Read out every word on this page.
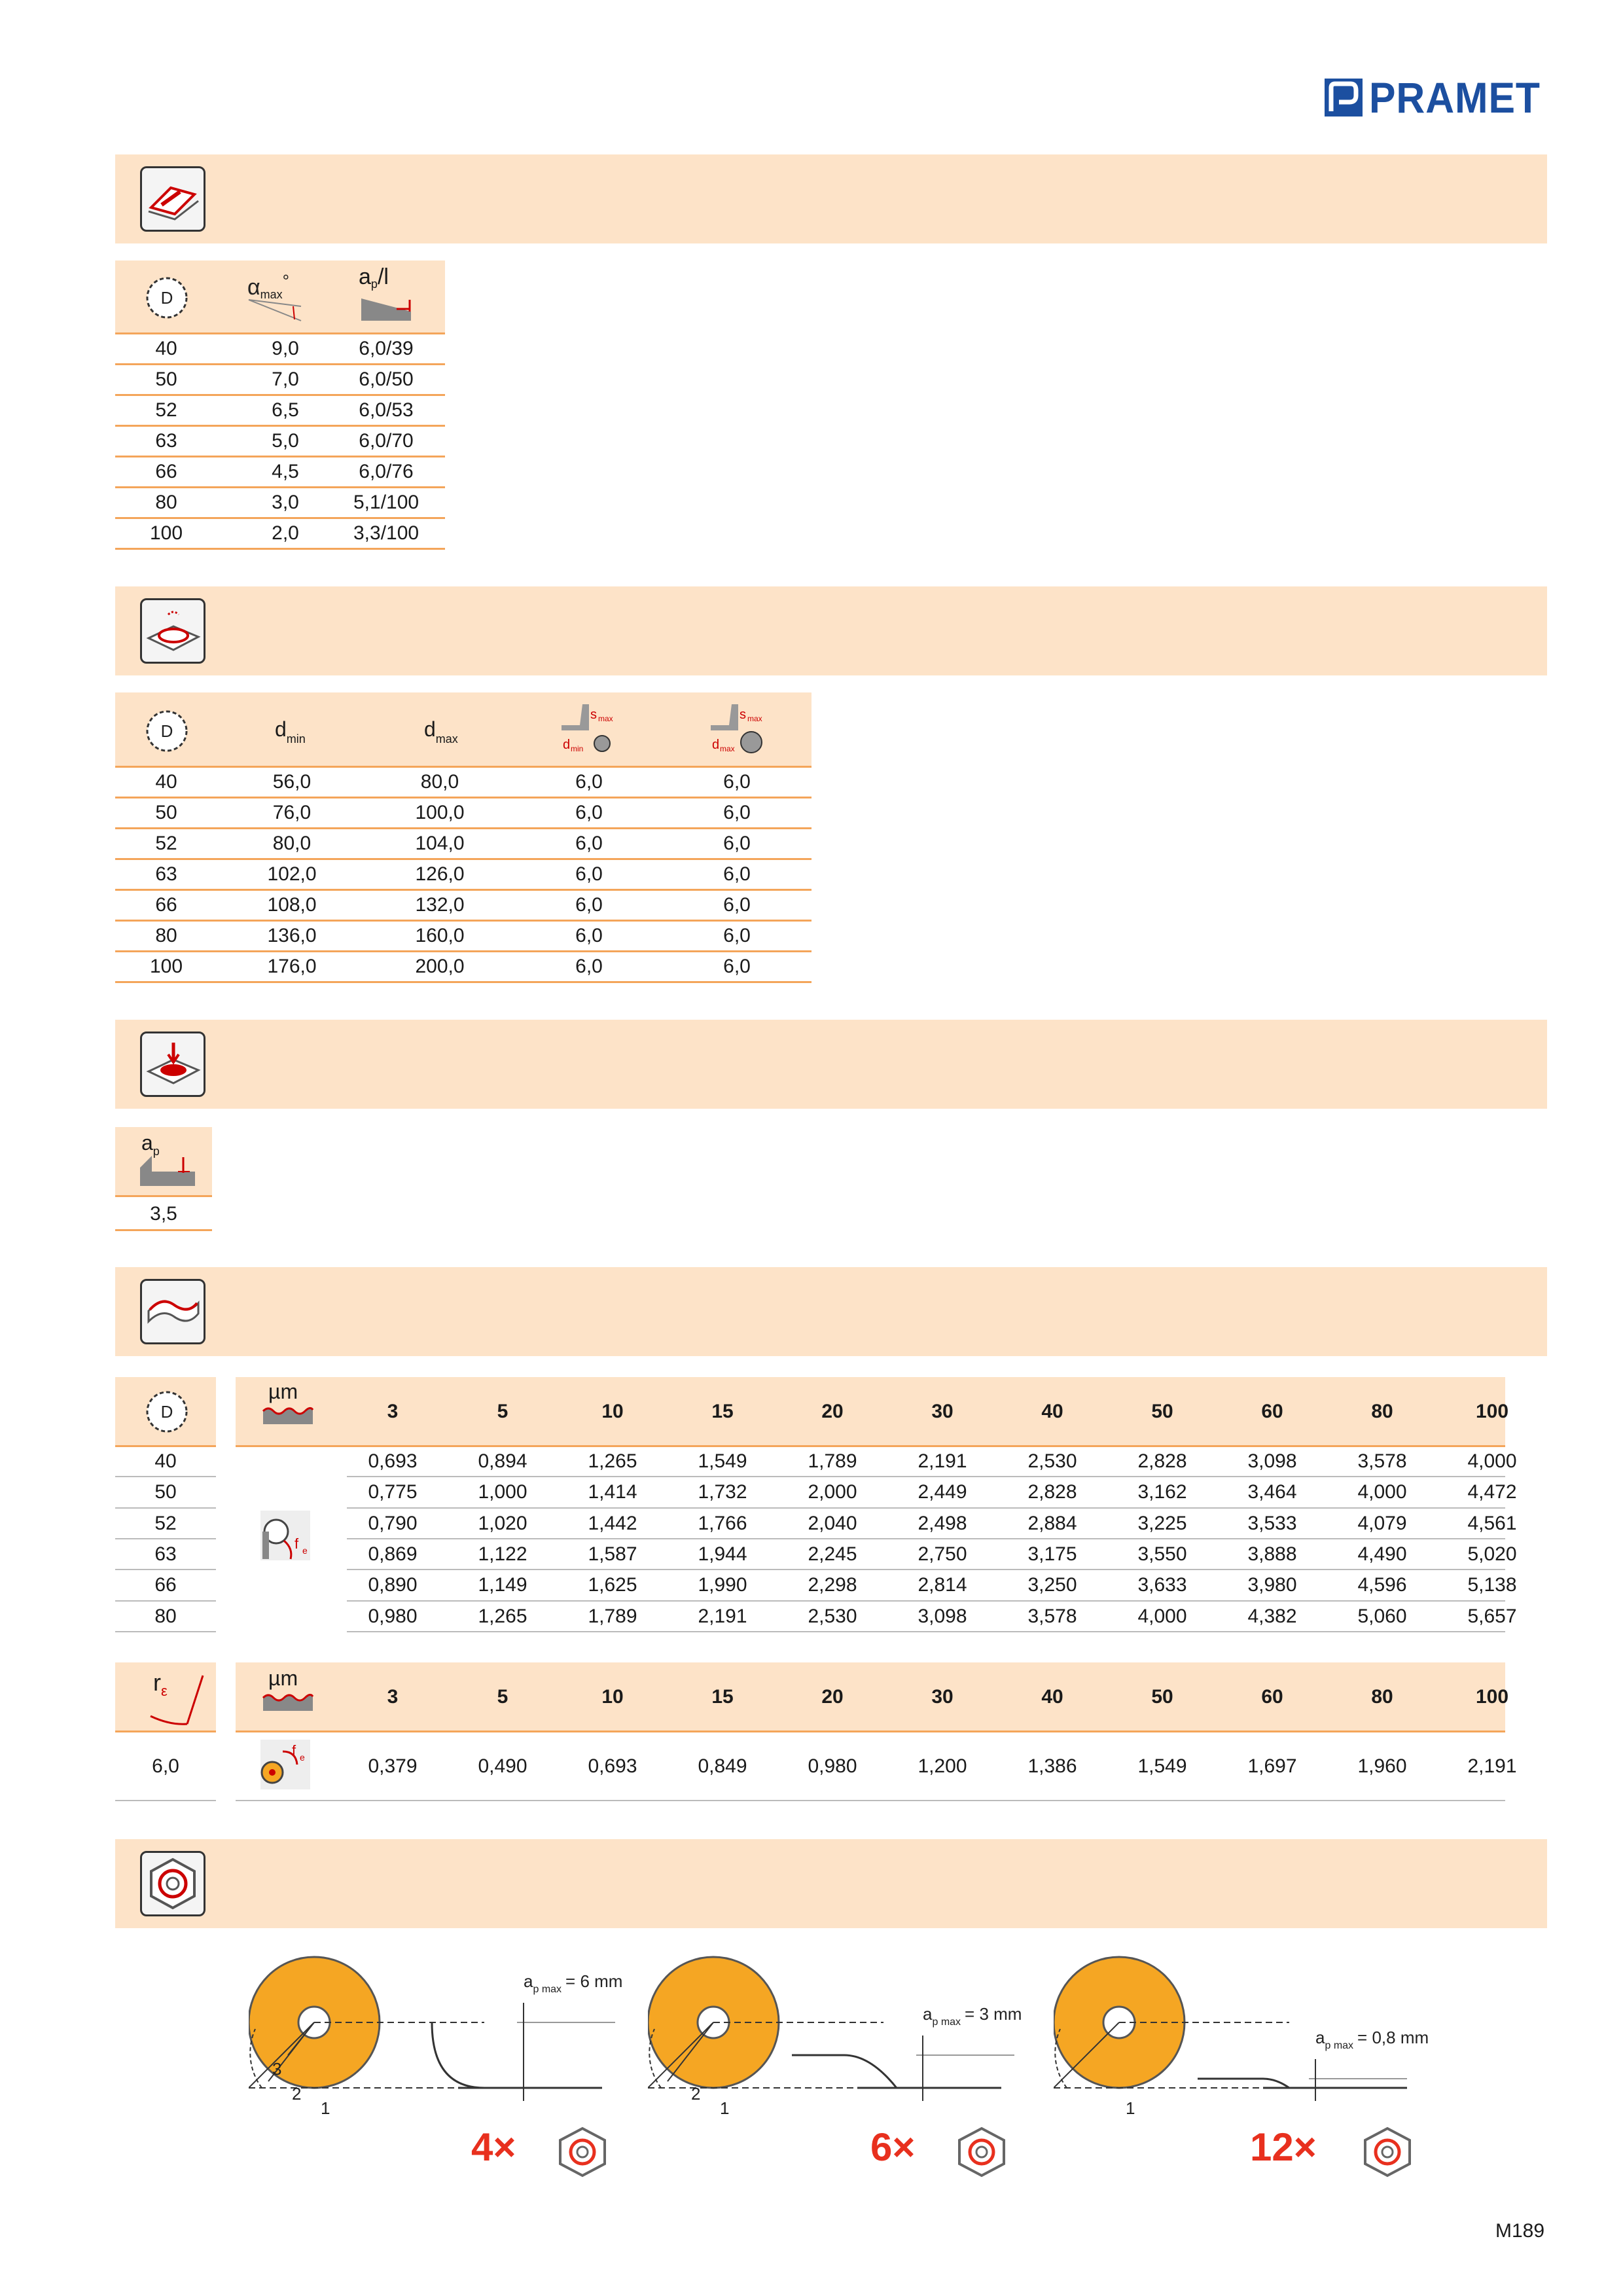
PRAMET
D	αmax°	ap/l
40	9,0	6,0/39
50	7,0	6,0/50
52	6,5	6,0/53
63	5,0	6,0/70
66	4,5	6,0/76
80	3,0	5,1/100
100	2,0	3,3/100
D	$d_{min}$	$d_{max}$
s max
d min
s max
d max
40	56,0	80,0	6,0	6,0
50	76,0	100,0	6,0	6,0
52	80,0	104,0	6,0	6,0
63	102,0	126,0	6,0	6,0
66	108,0	132,0	6,0	6,0
80	136,0	160,0	6,0	6,0
100	176,0	200,0	6,0	6,0
$a_p$
3,5
D
µm
3	5	10	15	20	30	40	50	60	80	100
f e
40	0,693	0,894	1,265	1,549	1,789	2,191	2,530	2,828	3,098	3,578	4,000
50	0,775	1,000	1,414	1,732	2,000	2,449	2,828	3,162	3,464	4,000	4,472
52	0,790	1,020	1,442	1,766	2,040	2,498	2,884	3,225	3,533	4,079	4,561
63	0,869	1,122	1,587	1,944	2,245	2,750	3,175	3,550	3,888	4,490	5,020
66	0,890	1,149	1,625	1,990	2,298	2,814	3,250	3,633	3,980	4,596	5,138
80	0,980	1,265	1,789	2,191	2,530	3,098	3,578	4,000	4,382	5,060	5,657
$r_\varepsilon$
µm
3	5	10	15	20	30	40	50	60	80	100
6,0
f e	0,379	0,490	0,693	0,849	0,980	1,200	1,386	1,549	1,697	1,960	2,191
$a_{p max} = 6$ mm
1
2
3
4×
$a_{p max} = 3$ mm
1
2
6×
$a_{p max} = 0,8$ mm
1
12×
M189
